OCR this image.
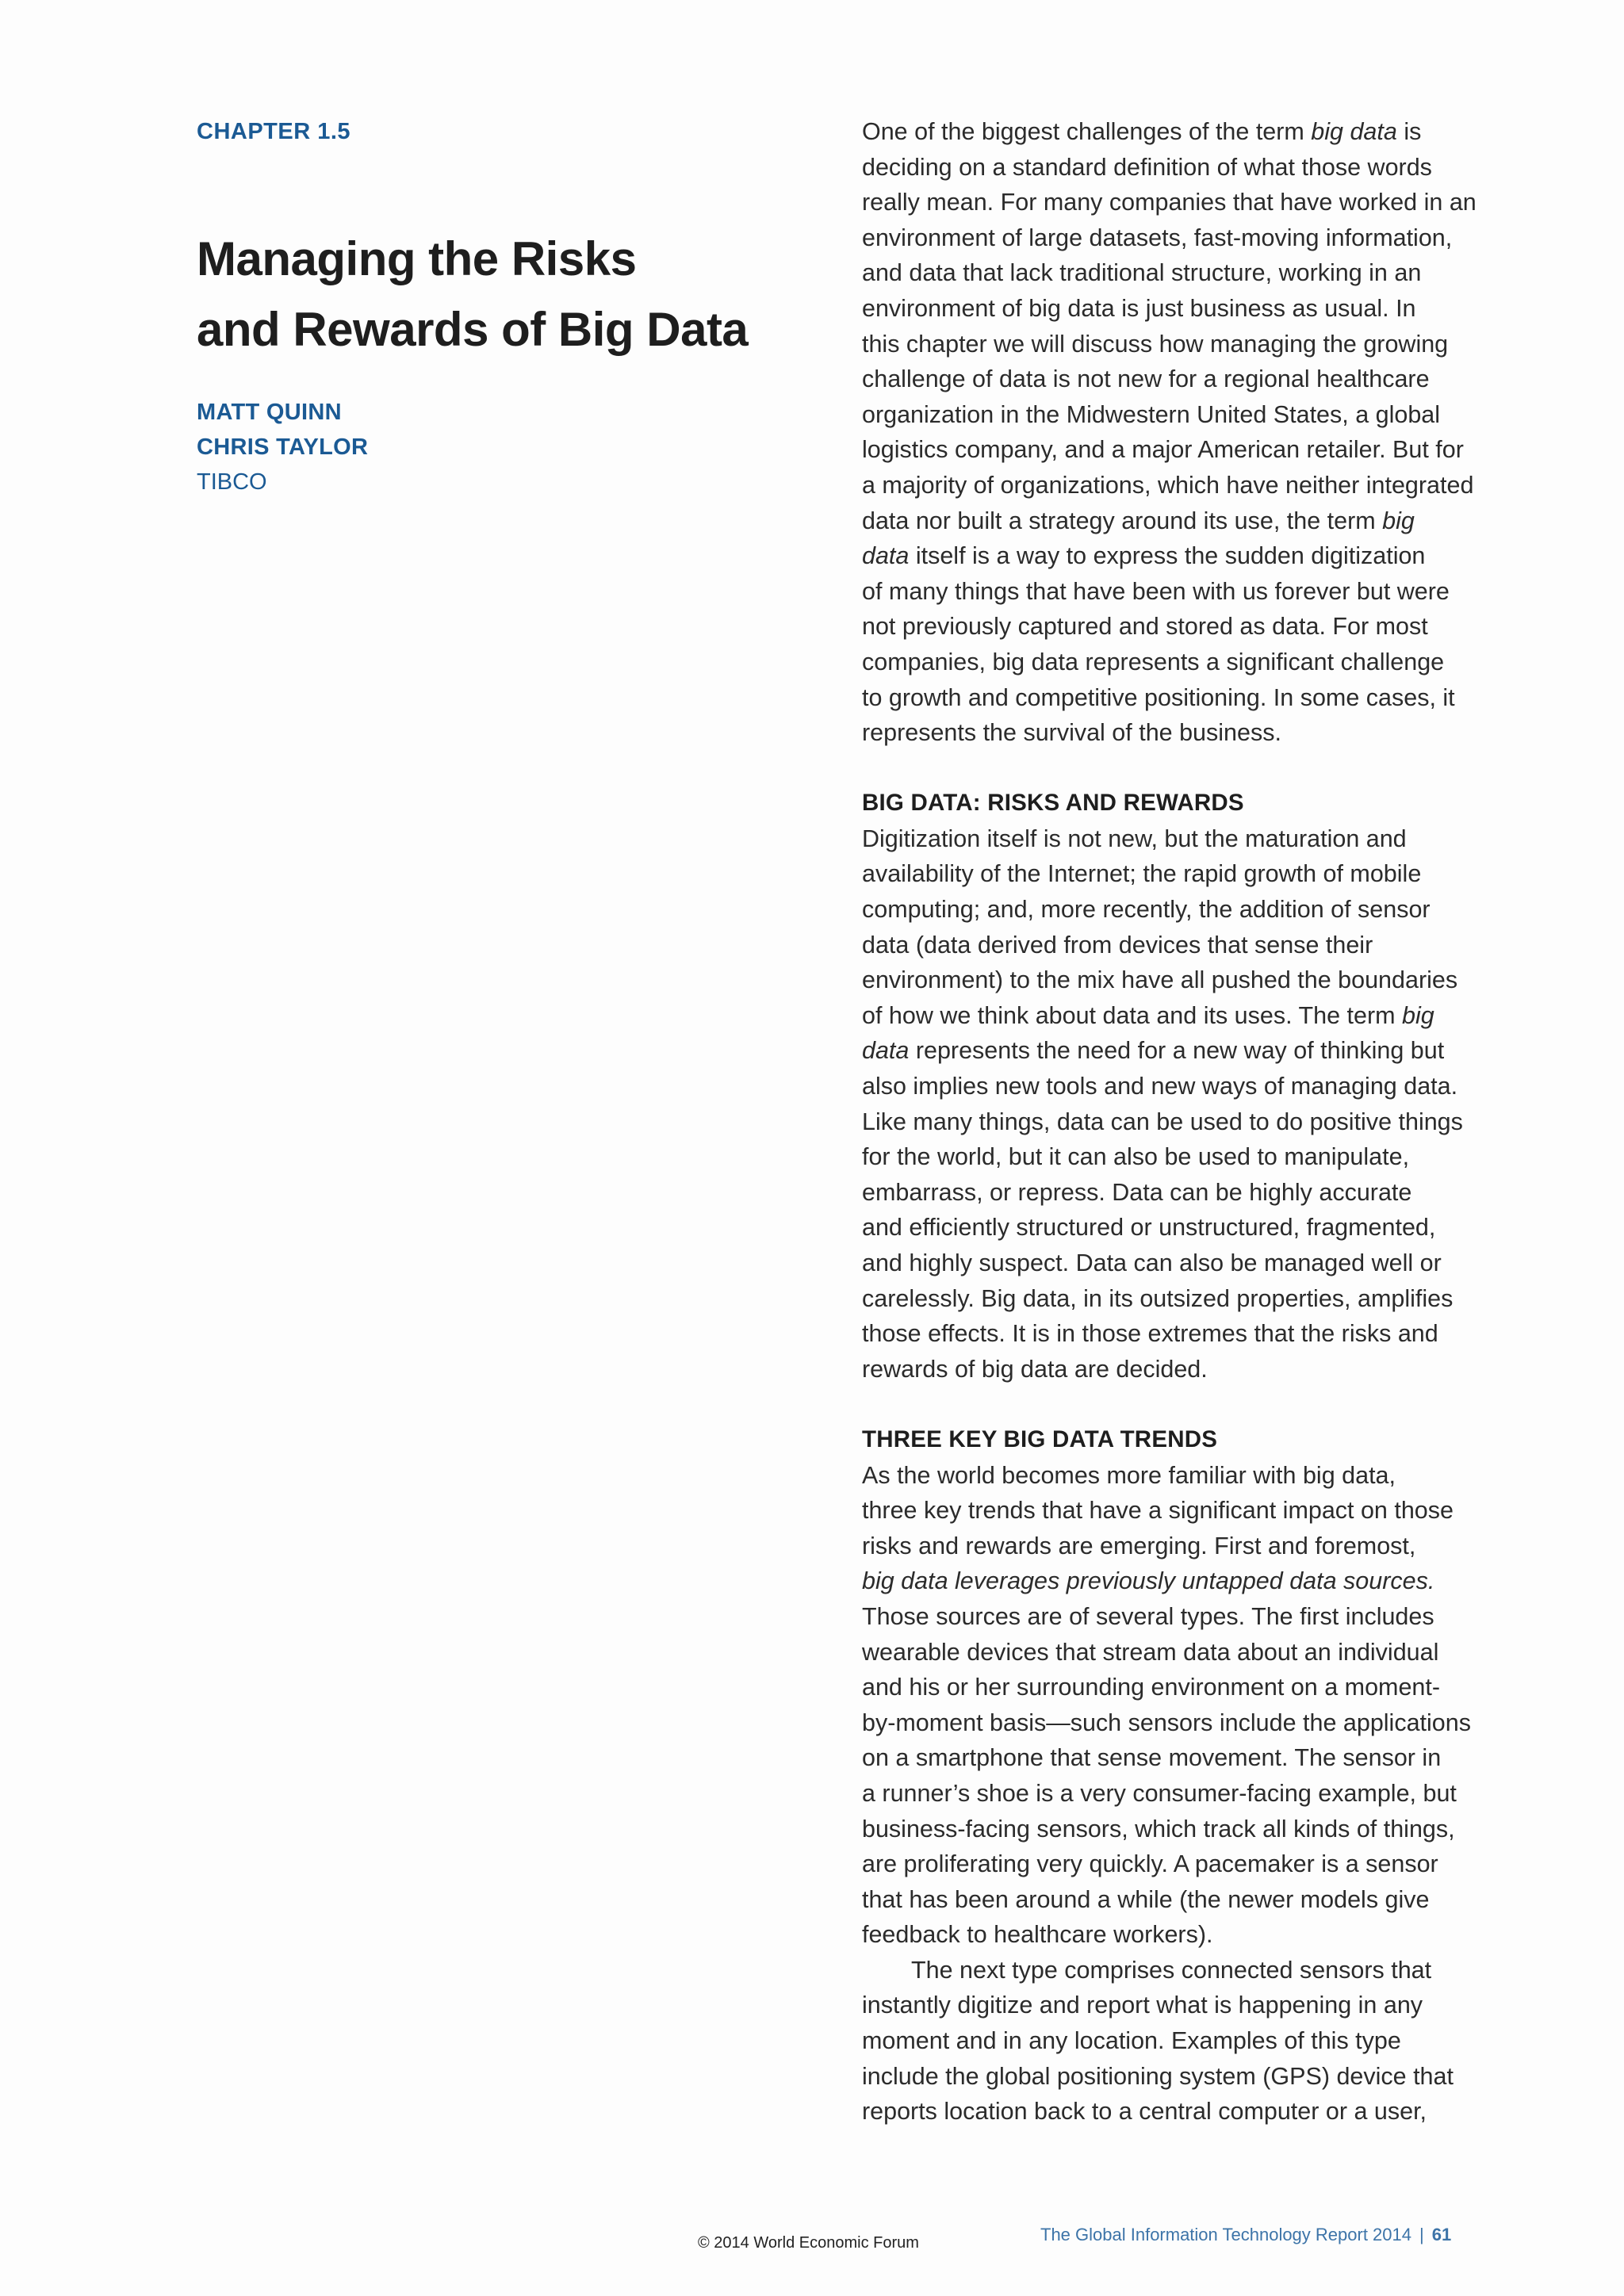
CHAPTER 1.5

Managing the Risks
and Rewards of Big Data
MATT QUINN
CHRIS TAYLOR
TIBCO

One of the biggest challenges of the term big data is
deciding on a standard definition of what those words
really mean. For many companies that have worked in an
environment of large datasets, fast-moving information,
and data that lack traditional structure, working in an
environment of big data is just business as usual. In
this chapter we will discuss how managing the growing
challenge of data is not new for a regional healthcare
organization in the Midwestern United States, a global
logistics company, and a major American retailer. But for
a majority of organizations, which have neither integrated
data nor built a strategy around its use, the term big
data itself is a way to express the sudden digitization
of many things that have been with us forever but were
not previously captured and stored as data. For most
companies, big data represents a significant challenge
to growth and competitive positioning. In some cases, it
represents the survival of the business.

BIG DATA: RISKS AND REWARDS

Digitization itself is not new, but the maturation and
availability of the Internet; the rapid growth of mobile
computing; and, more recently, the addition of sensor
data (data derived from devices that sense their
environment) to the mix have all pushed the boundaries
of how we think about data and its uses. The term big
data represents the need for a new way of thinking but
also implies new tools and new ways of managing data.
Like many things, data can be used to do positive things
for the world, but it can also be used to manipulate,
embarrass, or repress. Data can be highly accurate
and efficiently structured or unstructured, fragmented,
and highly suspect. Data can also be managed well or
carelessly. Big data, in its outsized properties, amplifies
those effects. It is in those extremes that the risks and
rewards of big data are decided.

THREE KEY BIG DATA TRENDS

As the world becomes more familiar with big data,
three key trends that have a significant impact on those
risks and rewards are emerging. First and foremost,
big data leverages previously untapped data sources.
Those sources are of several types. The first includes
wearable devices that stream data about an individual
and his or her surrounding environment on a moment-
by-moment basis—such sensors include the applications
on a smartphone that sense movement. The sensor in
a runner’s shoe is a very consumer-facing example, but
business-facing sensors, which track all kinds of things,
are proliferating very quickly. A pacemaker is a sensor
that has been around a while (the newer models give
feedback to healthcare workers).

The next type comprises connected sensors that
instantly digitize and report what is happening in any
moment and in any location. Examples of this type
include the global positioning system (GPS) device that
reports location back to a central computer or a user,

© 2014 World Economic Forum	The Global Information Technology Report 2014 | 61
